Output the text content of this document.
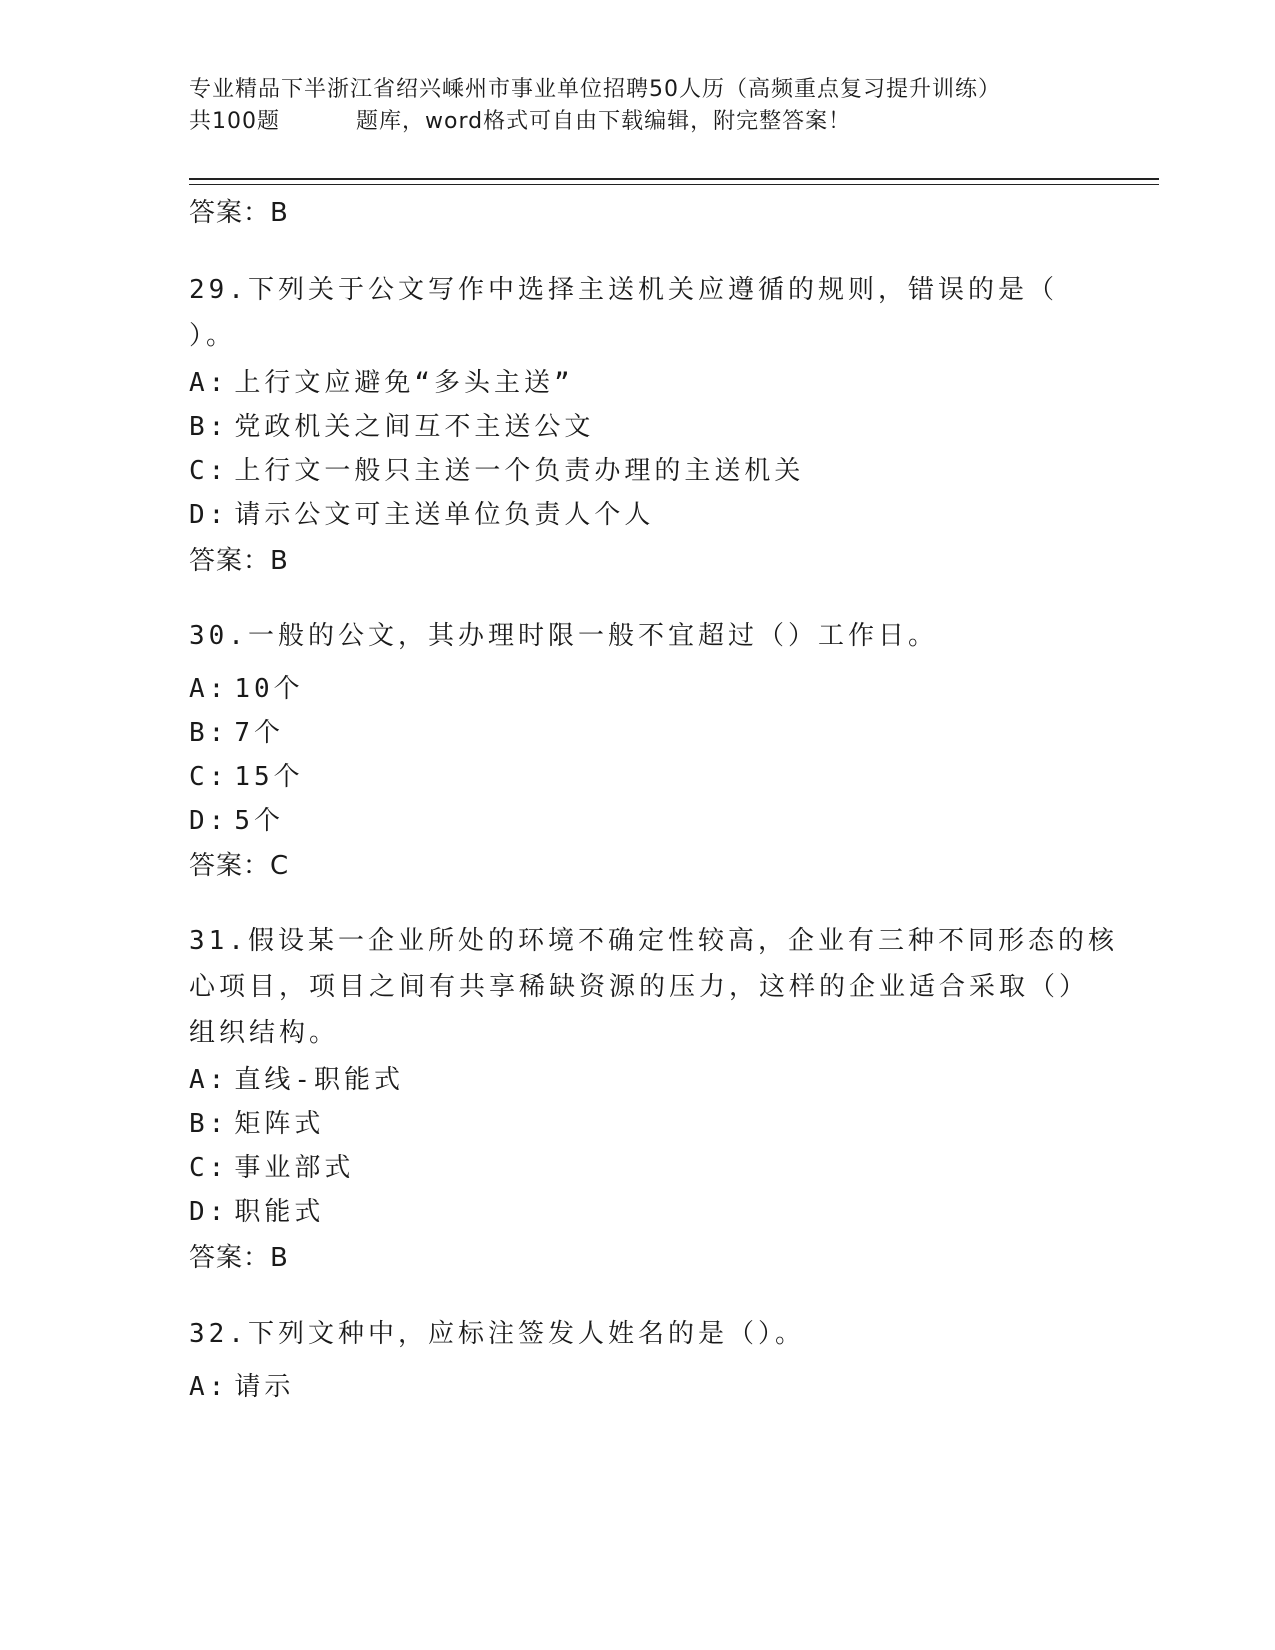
专业精品下半浙江省绍兴嵊州市事业单位招聘50人历（高频重点复习提升训练）
共100题	题库，word格式可自由下载编辑，附完整答案！
答案：B
29.下列关于公文写作中选择主送机关应遵循的规则，错误的是（
）。
A: 上行文应避免“多头主送”
B: 党政机关之间互不主送公文
C: 上行文一般只主送一个负责办理的主送机关
D: 请示公文可主送单位负责人个人
答案：B
30.一般的公文，其办理时限一般不宜超过（）工作日。
A: 10个
B: 7个
C: 15个
D: 5个
答案：C
31.假设某一企业所处的环境不确定性较高，企业有三种不同形态的核
心项目，项目之间有共享稀缺资源的压力，这样的企业适合采取（）
组织结构。
A: 直线-职能式
B: 矩阵式
C: 事业部式
D: 职能式
答案：B
32.下列文种中，应标注签发人姓名的是（）。
A: 请示
